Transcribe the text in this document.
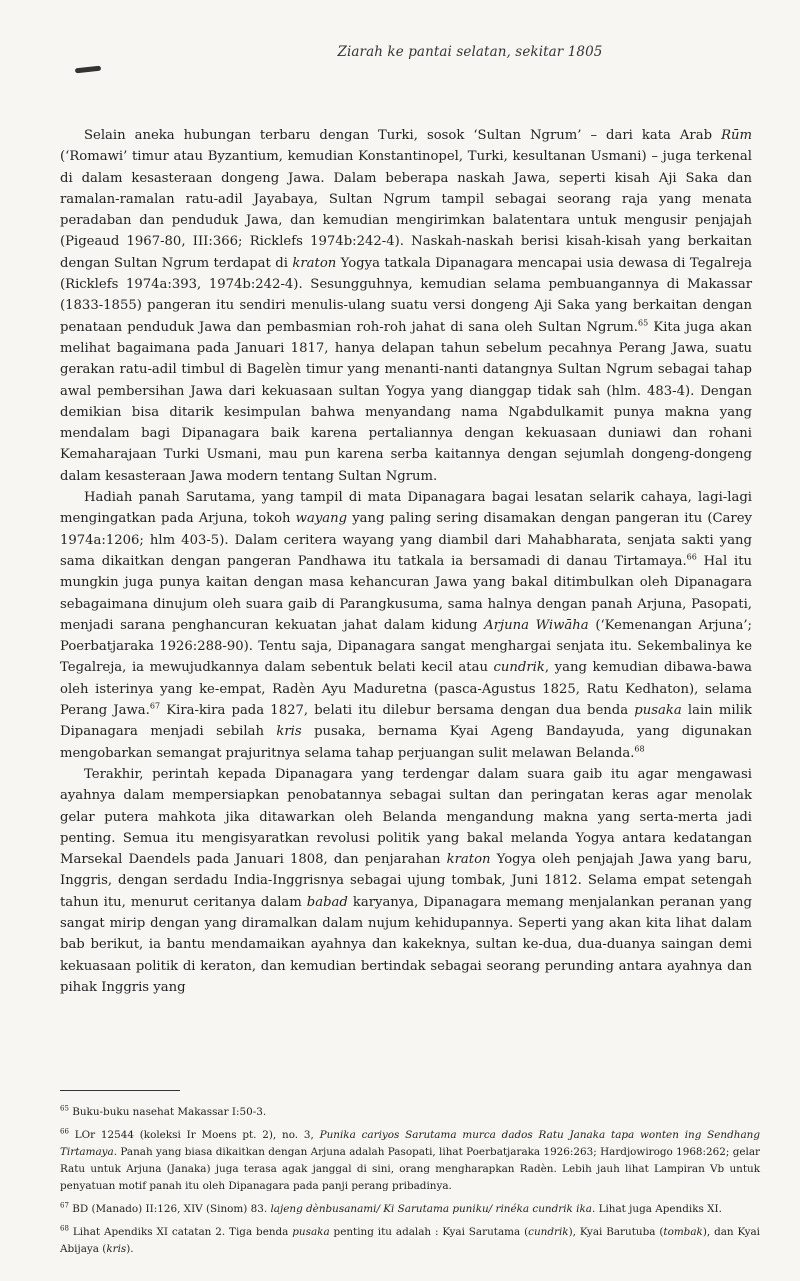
Ziarah ke pantai selatan, sekitar 1805

Selain aneka hubungan terbaru dengan Turki, sosok ‘Sultan Ngrum’ – dari kata Arab Rūm (‘Romawi’ timur atau Byzantium, kemudian Konstantinopel, Turki, kesultanan Usmani) – juga terkenal di dalam kesasteraan dongeng Jawa. Dalam beberapa naskah Jawa, seperti kisah Aji Saka dan ramalan-ramalan ratu-adil Jayabaya, Sultan Ngrum tampil sebagai seorang raja yang menata peradaban dan penduduk Jawa, dan kemudian mengirimkan balatentara untuk mengusir penjajah (Pigeaud 1967-80, III:366; Ricklefs 1974b:242-4). Naskah-naskah berisi kisah-kisah yang berkaitan dengan Sultan Ngrum terdapat di kraton Yogya tatkala Dipanagara mencapai usia dewasa di Tegalreja (Ricklefs 1974a:393, 1974b:242-4). Sesungguhnya, kemudian selama pembuangannya di Makassar (1833-1855) pangeran itu sendiri menulis-ulang suatu versi dongeng Aji Saka yang berkaitan dengan penataan penduduk Jawa dan pembasmian roh-roh jahat di sana oleh Sultan Ngrum.$^{65}$ Kita juga akan melihat bagaimana pada Januari 1817, hanya delapan tahun sebelum pecahnya Perang Jawa, suatu gerakan ratu-adil timbul di Bagelèn timur yang menanti-nanti datangnya Sultan Ngrum sebagai tahap awal pembersihan Jawa dari kekuasaan sultan Yogya yang dianggap tidak sah (hlm. 483-4). Dengan demikian bisa ditarik kesimpulan bahwa menyandang nama Ngabdulkamit punya makna yang mendalam bagi Dipanagara baik karena pertaliannya dengan kekuasaan duniawi dan rohani Kemaharajaan Turki Usmani, mau pun karena serba kaitannya dengan sejumlah dongeng-dongeng dalam kesasteraan Jawa modern tentang Sultan Ngrum.

Hadiah panah Sarutama, yang tampil di mata Dipanagara bagai lesatan selarik cahaya, lagi-lagi mengingatkan pada Arjuna, tokoh wayang yang paling sering disamakan dengan pangeran itu (Carey 1974a:1206; hlm 403-5). Dalam ceritera wayang yang diambil dari Mahabharata, senjata sakti yang sama dikaitkan dengan pangeran Pandhawa itu tatkala ia bersamadi di danau Tirtamaya.$^{66}$ Hal itu mungkin juga punya kaitan dengan masa kehancuran Jawa yang bakal ditimbulkan oleh Dipanagara sebagaimana dinujum oleh suara gaib di Parangkusuma, sama halnya dengan panah Arjuna, Pasopati, menjadi sarana penghancuran kekuatan jahat dalam kidung Arjuna Wiwāha (‘Kemenangan Arjuna’; Poerbatjaraka 1926:288-90). Tentu saja, Dipanagara sangat menghargai senjata itu. Sekembalinya ke Tegalreja, ia mewujudkannya dalam sebentuk belati kecil atau cundrik, yang kemudian dibawa-bawa oleh isterinya yang ke-empat, Radèn Ayu Maduretna (pasca-Agustus 1825, Ratu Kedhaton), selama Perang Jawa.$^{67}$ Kira-kira pada 1827, belati itu dilebur bersama dengan dua benda pusaka lain milik Dipanagara menjadi sebilah kris pusaka, bernama Kyai Ageng Bandayuda, yang digunakan mengobarkan semangat prajuritnya selama tahap perjuangan sulit melawan Belanda.$^{68}$

Terakhir, perintah kepada Dipanagara yang terdengar dalam suara gaib itu agar mengawasi ayahnya dalam mempersiapkan penobatannya sebagai sultan dan peringatan keras agar menolak gelar putera mahkota jika ditawarkan oleh Belanda mengandung makna yang serta-merta jadi penting. Semua itu mengisyaratkan revolusi politik yang bakal melanda Yogya antara kedatangan Marsekal Daendels pada Januari 1808, dan penjarahan kraton Yogya oleh penjajah Jawa yang baru, Inggris, dengan serdadu India-Inggrisnya sebagai ujung tombak, Juni 1812. Selama empat setengah tahun itu, menurut ceritanya dalam babad karyanya, Dipanagara memang menjalankan peranan yang sangat mirip dengan yang diramalkan dalam nujum kehidupannya. Seperti yang akan kita lihat dalam bab berikut, ia bantu mendamaikan ayahnya dan kakeknya, sultan ke-dua, dua-duanya saingan demi kekuasaan politik di keraton, dan kemudian bertindak sebagai seorang perunding antara ayahnya dan pihak Inggris yang

$^{65}$ Buku-buku nasehat Makassar I:50-3.
$^{66}$ LOr 12544 (koleksi Ir Moens pt. 2), no. 3, Punika cariyos Sarutama murca dados Ratu Janaka tapa wonten ing Sendhang Tirtamaya. Panah yang biasa dikaitkan dengan Arjuna adalah Pasopati, lihat Poerbatjaraka 1926:263; Hardjowirogo 1968:262; gelar Ratu untuk Arjuna (Janaka) juga terasa agak janggal di sini, orang mengharapkan Radèn. Lebih jauh lihat Lampiran Vb untuk penyatuan motif panah itu oleh Dipanagara pada panji perang pribadinya.
$^{67}$ BD (Manado) II:126, XIV (Sinom) 83. lajeng dènbusanami/ Ki Sarutama puniku/ rinéka cundrik ika. Lihat juga Apendiks XI.
$^{68}$ Lihat Apendiks XI catatan 2. Tiga benda pusaka penting itu adalah : Kyai Sarutama (cundrik), Kyai Barutuba (tombak), dan Kyai Abijaya (kris).
